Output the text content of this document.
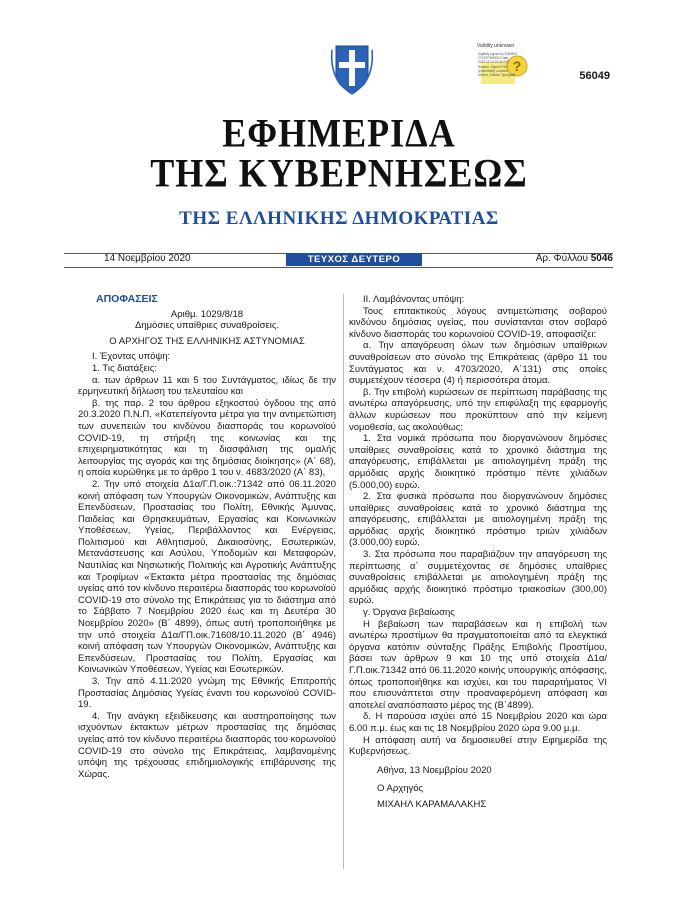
?
Validity unknown
Digitally signed by ΕΘΝΙΚΟ ΤΥΠΟΓΡΑΦΕΙΟ Date: 2020.11.14 23:46 EET Reason: Signed PDF (embedded) Location: Athens, Ethniko Typografio	56049
ΕΦΗΜΕΡΙΔΑ
ΤΗΣ ΚΥΒΕΡΝΗΣΕΩΣ
ΤΗΣ ΕΛΛΗΝΙΚΗΣ ΔΗΜΟΚΡΑΤΙΑΣ
14 Νοεμβρίου 2020	ΤΕΥΧΟΣ ΔΕΥΤΕΡΟ	Αρ. Φύλλου 5046
ΑΠΟΦΑΣΕΙΣ
Αριθμ. 1029/8/18
Δημόσιες υπαίθριες συναθροίσεις.
Ο ΑΡΧΗΓΟΣ ΤΗΣ ΕΛΛΗΝΙΚΗΣ ΑΣΤΥΝΟΜΙΑΣ

Ι. Έχοντας υπόψη:

1. Τις διατάξεις:

α. των άρθρων 11 και 5 του Συντάγματος, ιδίως δε την ερμηνευτική δήλωση του τελευταίου και

β. της παρ. 2 του άρθρου εξηκοστού όγδοου της από 20.3.2020 Π.Ν.Π. «Κατεπείγοντα μέτρα για την αντιμετώπιση των συνεπειών του κινδύνου διασποράς του κορωνοϊού COVID-19, τη στήριξη της κοινωνίας και της επιχειρηματικότητας και τη διασφάλιση της ομαλής λειτουργίας της αγοράς και της δημόσιας διοίκησης» (Α΄ 68), η οποία κυρώθηκε με το άρθρο 1 του ν. 4683/2020 (Α΄ 83),

2. Την υπό στοιχεία Δ1α/Γ.Π.οικ.:71342 από 06.11.2020 κοινή απόφαση των Υπουργών Οικονομικών, Ανάπτυξης και Επενδύσεων, Προστασίας του Πολίτη, Εθνικής Άμυνας, Παιδείας και Θρησκευμάτων, Εργασίας και Κοινωνικών Υποθέσεων, Υγείας, Περιβάλλοντος και Ενέργειας, Πολιτισμού και Αθλητισμού, Δικαιοσύνης, Εσωτερικών, Μετανάστευσης και Ασύλου, Υποδομών και Μεταφορών, Ναυτιλίας και Νησιωτικής Πολιτικής και Αγροτικής Ανάπτυξης και Τροφίμων «Έκτακτα μέτρα προστασίας της δημόσιας υγείας από τον κίνδυνο περαιτέρω διασποράς του κορωνοϊού COVID-19 στο σύνολο της Επικράτειας για το διάστημα από το Σάββατο 7 Νοεμβρίου 2020 έως και τη Δευτέρα 30 Νοεμβρίου 2020» (Β΄ 4899), όπως αυτή τροποποιήθηκε με την υπό στοιχεία Δ1α/ΓΠ.οικ.71608/10.11.2020 (Β΄ 4946) κοινή απόφαση των Υπουργών Οικονομικών, Ανάπτυξης και Επενδύσεων, Προστασίας του Πολίτη, Εργασίας και Κοινωνικών Υποθέσεων, Υγείας και Εσωτερικών.

3. Την από 4.11.2020 γνώμη της Εθνικής Επιτροπής Προστασίας Δημόσιας Υγείας έναντι του κορωνοϊού COVID-19.

4. Την ανάγκη εξειδίκευσης και αυστηροποίησης των ισχυόντων έκτακτων μέτρων προστασίας της δημόσιας υγείας από τον κίνδυνο περαιτέρω διασποράς του κορωνοϊού COVID-19 στο σύνολο της Επικράτειας, λαμβανομένης υπόψη της τρέχουσας επιδημιολογικής επιβάρυνσης της Χώρας.

ΙΙ. Λαμβάνοντας υπόψη:

Τους επιτακτικούς λόγους αντιμετώπισης σοβαρού κινδύνου δημόσιας υγείας, που συνίστανται στον σοβαρό κίνδυνο διασποράς του κορωνοϊού COVID-19, αποφασίζει:

α. Την απαγόρευση όλων των δημόσιων υπαίθριων συναθροίσεων στο σύνολο της Επικράτειας (άρθρο 11 του Συντάγματος και ν. 4703/2020, Α΄131) στις οποίες συμμετέχουν τέσσερα (4) ή περισσότερα άτομα.

β. Την επιβολή κυρώσεων σε περίπτωση παράβασης της ανωτέρω απαγόρευσης, υπό την επιφύλαξη της εφαρμογής άλλων κυρώσεων που προκύπτουν από την κείμενη νομοθεσία, ως ακολούθως:

1. Στα νομικά πρόσωπα που διοργανώνουν δημόσιες υπαίθριες συναθροίσεις κατά το χρονικό διάστημα της απαγόρευσης, επιβάλλεται με αιτιολογημένη πράξη της αρμόδιας αρχής διοικητικό πρόστιμο πέντε χιλιάδων (5.000,00) ευρώ.

2. Στα φυσικά πρόσωπα που διοργανώνουν δημόσιες υπαίθριες συναθροίσεις κατά το χρονικό διάστημα της απαγόρευσης, επιβάλλεται με αιτιολογημένη πράξη της αρμόδιας αρχής διοικητικό πρόστιμο τριών χιλιάδων (3.000,00) ευρώ.

3. Στα πρόσωπα που παραβιάζουν την απαγόρευση της περίπτωσης α΄ συμμετέχοντας σε δημόσιες υπαίθριες συναθροίσεις επιβάλλεται με αιτιολογημένη πράξη της αρμόδιας αρχής διοικητικό πρόστιμο τριακοσίων (300,00) ευρώ.

γ. Όργανα βεβαίωσης

Η βεβαίωση των παραβάσεων και η επιβολή των ανωτέρω προστίμων θα πραγματοποιείται από τα ελεγκτικά όργανα κατόπιν σύνταξης Πράξης Επιβολής Προστίμου, βάσει των άρθρων 9 και 10 της υπό στοιχεία Δ1α/Γ.Π.οικ.71342 από 06.11.2020 κοινής υπουργικής απόφασης, όπως τροποποιήθηκε και ισχύει, και του παραρτήματος VI που επισυνάπτεται στην προαναφερόμενη απόφαση και αποτελεί αναπόσπαστο μέρος της (Β΄4899).

δ. Η παρούσα ισχύει από 15 Νοεμβρίου 2020 και ώρα 6.00 π.μ. έως και τις 18 Νοεμβρίου 2020 ώρα 9.00 μ.μ.

Η απόφαση αυτή να δημοσιευθεί στην Εφημερίδα της Κυβερνήσεως.

Αθήνα, 13 Νοεμβρίου 2020

Ο Αρχηγός

ΜΙΧΑΗΛ ΚΑΡΑΜΑΛΑΚΗΣ
